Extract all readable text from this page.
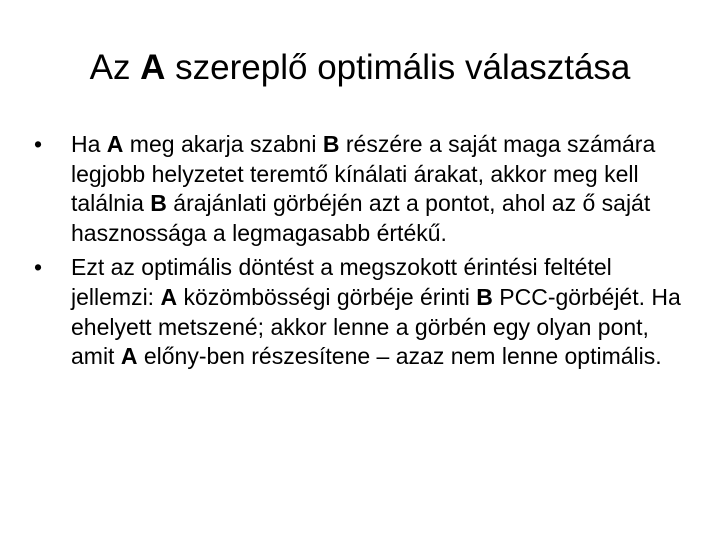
Az A szereplő optimális választása
•	Ha A meg akarja szabni B részére a saját maga számára legjobb helyzetet teremtő kínálati árakat, akkor meg kell találnia B árajánlati görbéjén azt a pontot, ahol az ő saját hasznossága a legmagasabb értékű.
•	Ezt az optimális döntést a megszokott érintési feltétel jellemzi: A közömbösségi görbéje érinti B PCC-görbéjét. Ha ehelyett metszené; akkor lenne a görbén egy olyan pont, amit A előny-ben részesítene – azaz nem lenne optimális.
